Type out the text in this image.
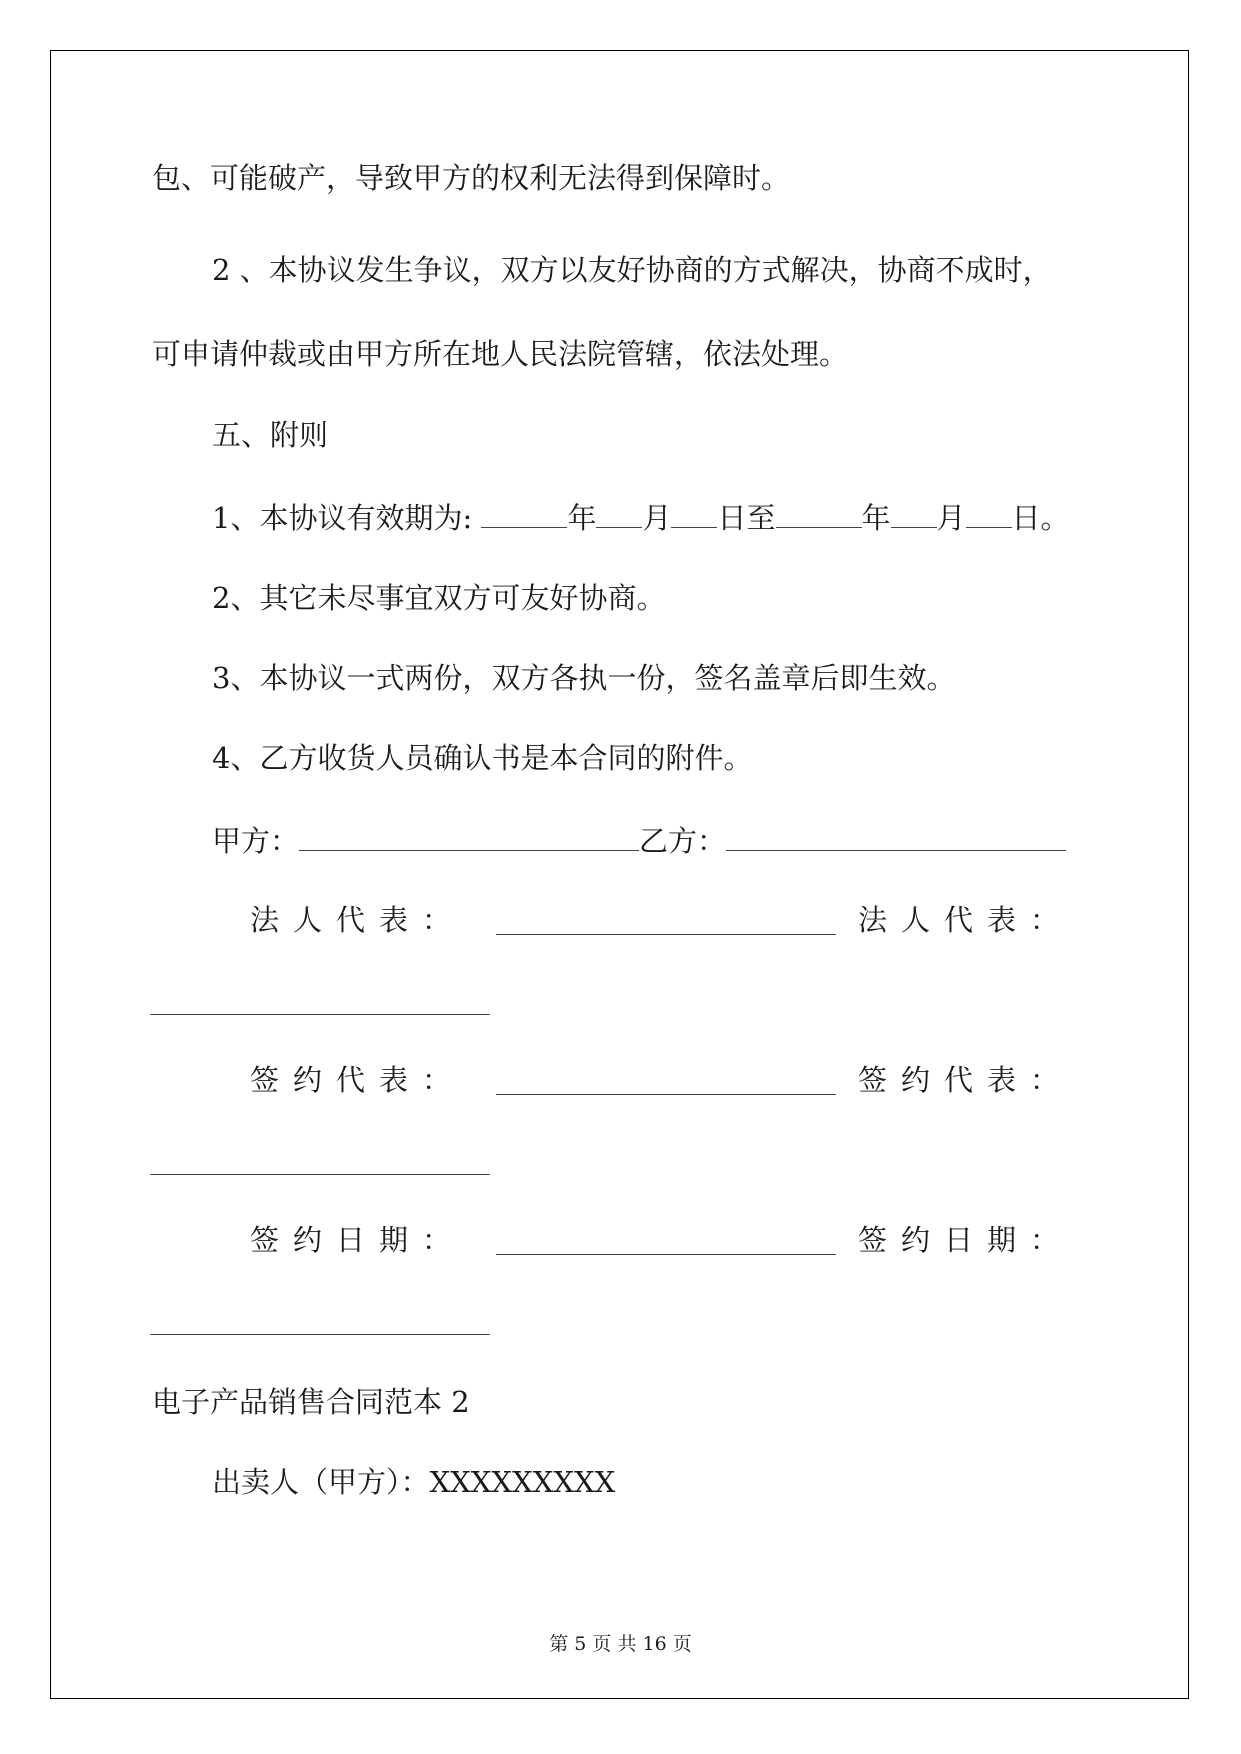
包、可能破产，导致甲方的权利无法得到保障时。
2 、本协议发生争议，双方以友好协商的方式解决，协商不成时，
可申请仲裁或由甲方所在地人民法院管辖，依法处理。
五、附则
1、本协议有效期为:	年 月 日至	年 月 日。
2、其它未尽事宜双方可友好协商。
3、本协议一式两份，双方各执一份，签名盖章后即生效。
4、乙方收货人员确认书是本合同的附件。
甲方：	乙方：
法人代表：	法人代表：
签约代表：	签约代表：
签约日期：	签约日期：
电子产品销售合同范本 2
出卖人（甲方）：XXXXXXXXX
第 5 页 共 16 页
